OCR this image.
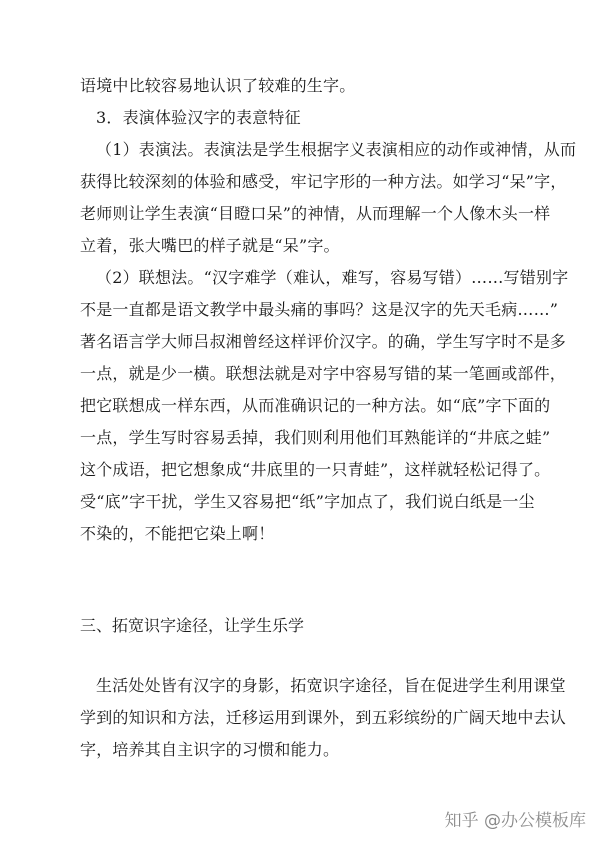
语境中比较容易地认识了较难的生字。
3．表演体验汉字的表意特征
（1）表演法。表演法是学生根据字义表演相应的动作或神情，从而
获得比较深刻的体验和感受，牢记字形的一种方法。如学习“呆”字，
老师则让学生表演“目瞪口呆”的神情，从而理解一个人像木头一样
立着，张大嘴巴的样子就是“呆”字。
（2）联想法。“汉字难学（难认，难写，容易写错）……写错别字
不是一直都是语文教学中最头痛的事吗？这是汉字的先天毛病……”
著名语言学大师吕叔湘曾经这样评价汉字。的确，学生写字时不是多
一点，就是少一横。联想法就是对字中容易写错的某一笔画或部件，
把它联想成一样东西，从而准确识记的一种方法。如“底”字下面的
一点，学生写时容易丢掉，我们则利用他们耳熟能详的“井底之蛙”
这个成语，把它想象成“井底里的一只青蛙”，这样就轻松记得了。
受“底”字干扰，学生又容易把“纸”字加点了，我们说白纸是一尘
不染的，不能把它染上啊！
三、拓宽识字途径，让学生乐学
生活处处皆有汉字的身影，拓宽识字途径，旨在促进学生利用课堂
学到的知识和方法，迁移运用到课外，到五彩缤纷的广阔天地中去认
字，培养其自主识字的习惯和能力。
知乎 @办公模板库
